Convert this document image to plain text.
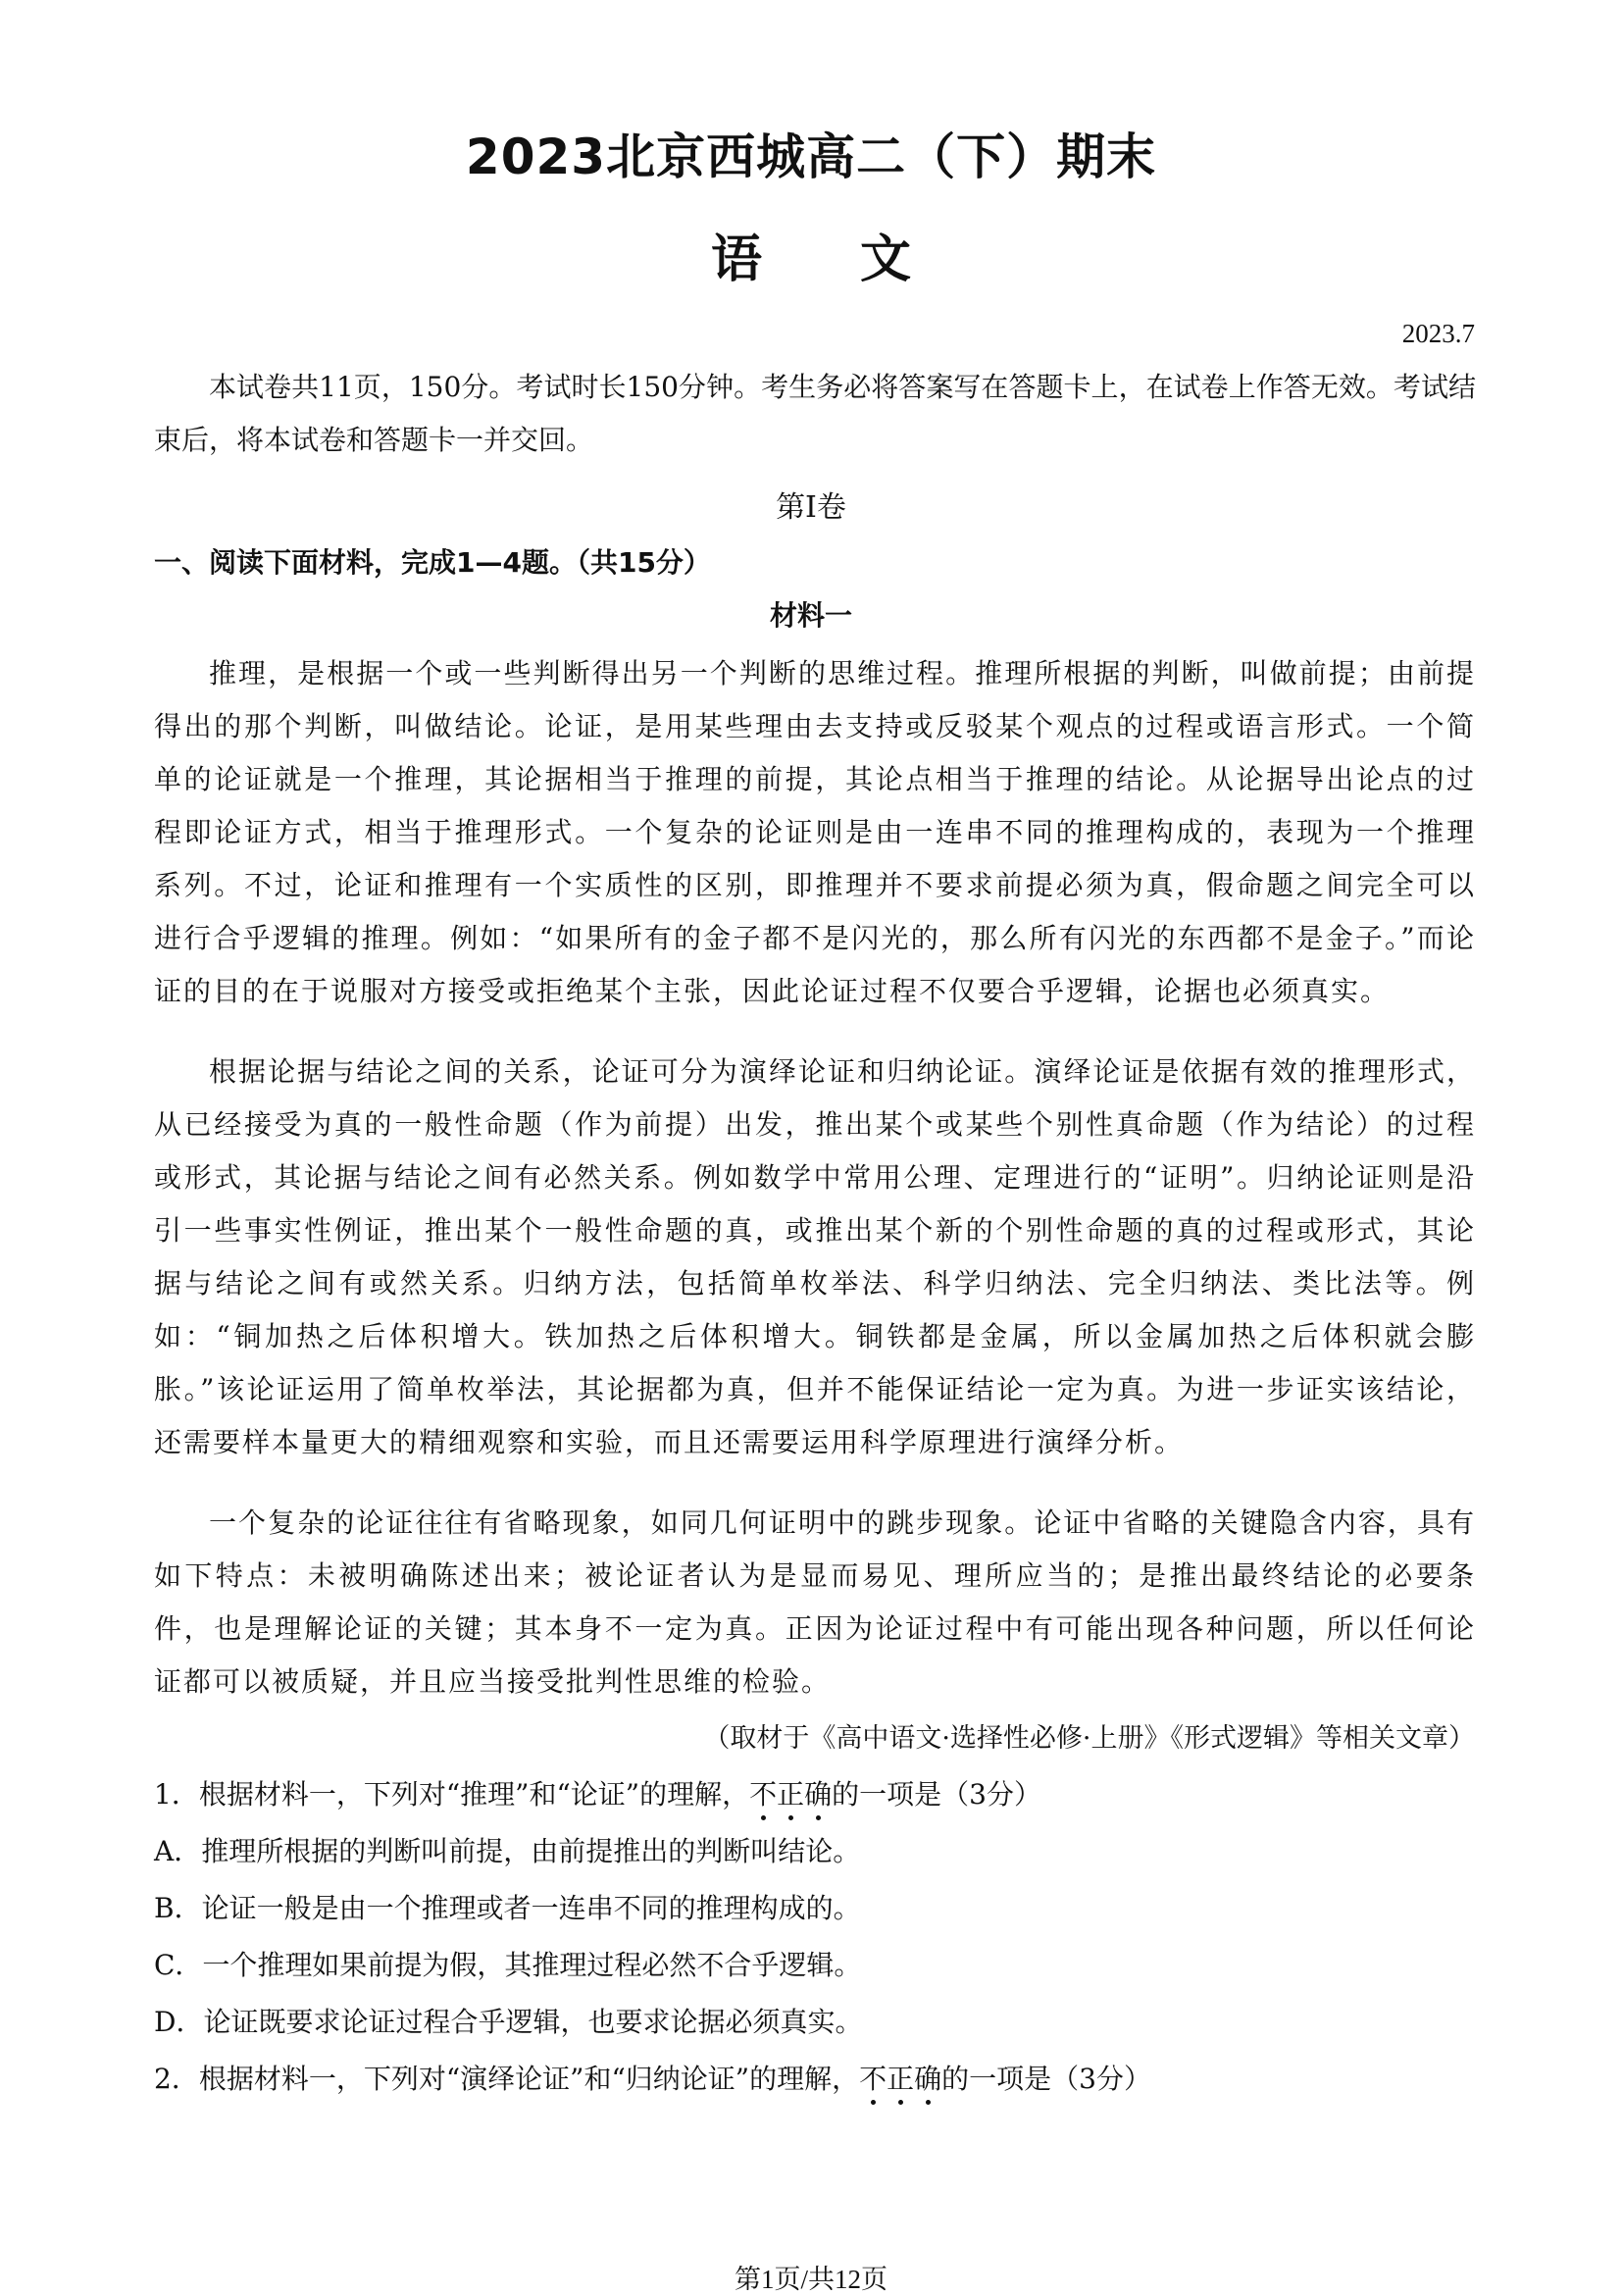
2023北京西城高二（下）期末
语文
2023.7

本试卷共11页，150分。考试时长150分钟。考生务必将答案写在答题卡上，在试卷上作答无效。考试结束后，将本试卷和答题卡一并交回。

第Ⅰ卷
一、阅读下面材料，完成1—4题。（共15分）
材料一

推理，是根据一个或一些判断得出另一个判断的思维过程。推理所根据的判断，叫做前提；由前提得出的那个判断，叫做结论。论证，是用某些理由去支持或反驳某个观点的过程或语言形式。一个简单的论证就是一个推理，其论据相当于推理的前提，其论点相当于推理的结论。从论据导出论点的过程即论证方式，相当于推理形式。一个复杂的论证则是由一连串不同的推理构成的，表现为一个推理系列。不过，论证和推理有一个实质性的区别，即推理并不要求前提必须为真，假命题之间完全可以进行合乎逻辑的推理。例如：“如果所有的金子都不是闪光的，那么所有闪光的东西都不是金子。”而论证的目的在于说服对方接受或拒绝某个主张，因此论证过程不仅要合乎逻辑，论据也必须真实。

根据论据与结论之间的关系，论证可分为演绎论证和归纳论证。演绎论证是依据有效的推理形式，从已经接受为真的一般性命题（作为前提）出发，推出某个或某些个别性真命题（作为结论）的过程或形式，其论据与结论之间有必然关系。例如数学中常用公理、定理进行的“证明”。归纳论证则是沿引一些事实性例证，推出某个一般性命题的真，或推出某个新的个别性命题的真的过程或形式，其论据与结论之间有或然关系。归纳方法，包括简单枚举法、科学归纳法、完全归纳法、类比法等。例如：“铜加热之后体积增大。铁加热之后体积增大。铜铁都是金属，所以金属加热之后体积就会膨胀。”该论证运用了简单枚举法，其论据都为真，但并不能保证结论一定为真。为进一步证实该结论，还需要样本量更大的精细观察和实验，而且还需要运用科学原理进行演绎分析。

一个复杂的论证往往有省略现象，如同几何证明中的跳步现象。论证中省略的关键隐含内容，具有如下特点：未被明确陈述出来；被论证者认为是显而易见、理所应当的；是推出最终结论的必要条件，也是理解论证的关键；其本身不一定为真。正因为论证过程中有可能出现各种问题，所以任何论证都可以被质疑，并且应当接受批判性思维的检验。

（取材于《高中语文·选择性必修·上册》《形式逻辑》等相关文章）
1．根据材料一，下列对“推理”和“论证”的理解，不正确的一项是（3分）
A．推理所根据的判断叫前提，由前提推出的判断叫结论。
B．论证一般是由一个推理或者一连串不同的推理构成的。
C．一个推理如果前提为假，其推理过程必然不合乎逻辑。
D．论证既要求论证过程合乎逻辑，也要求论据必须真实。
2．根据材料一，下列对“演绎论证”和“归纳论证”的理解，不正确的一项是（3分）
第1页/共12页
